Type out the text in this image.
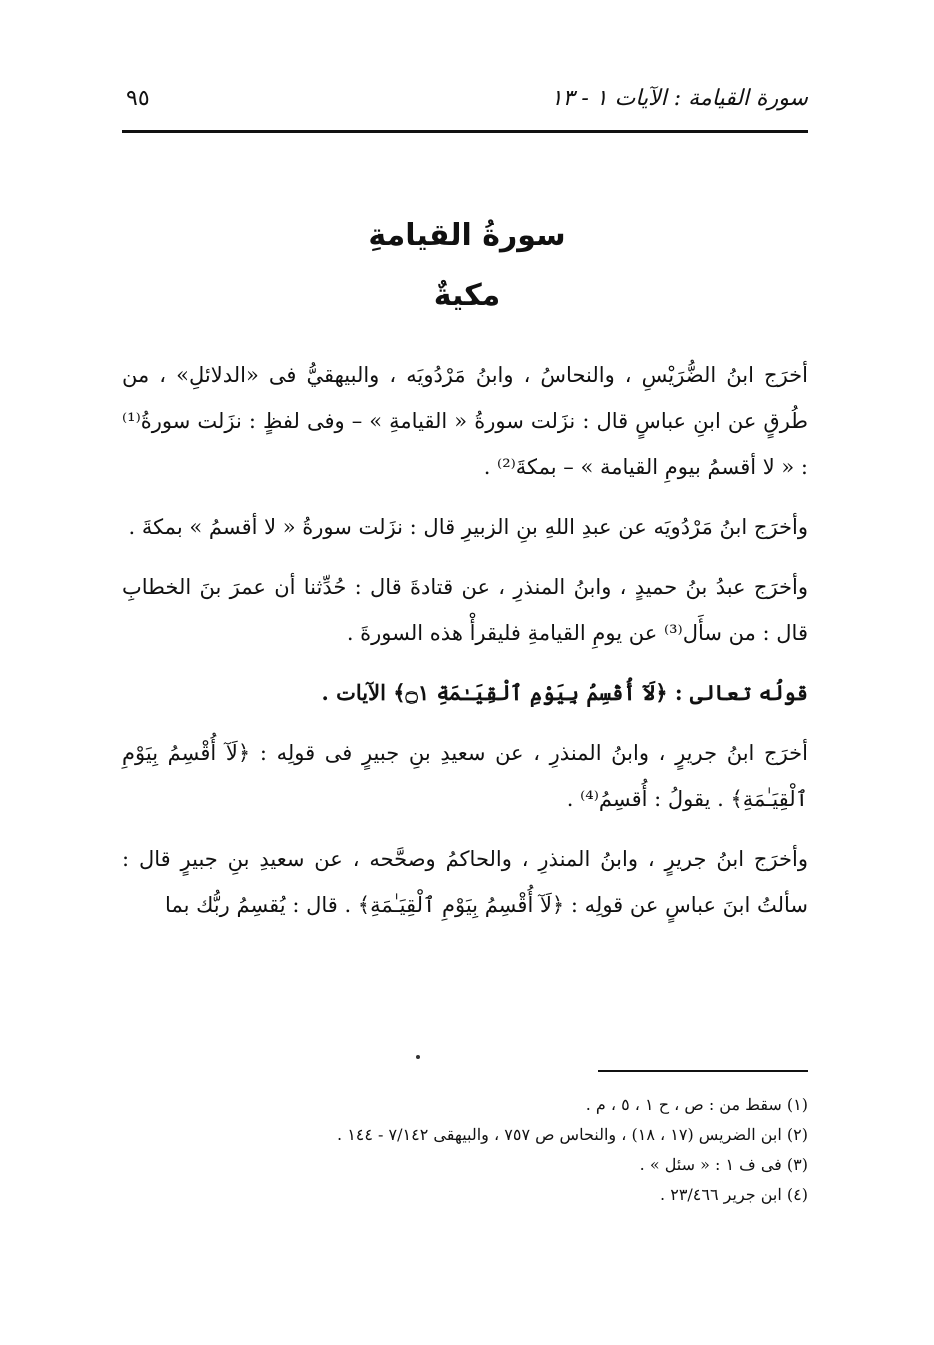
سورة القيامة : الآيات ١ - ١٣
٩٥
سورةُ القيامةِ
مكيةٌ

أخرَج ابنُ الضُّرَيْسِ ، والنحاسُ ، وابنُ مَرْدُويَه ، والبيهقيُّ فى «الدلائلِ» ، من طُرقٍ عن ابنِ عباسٍ قال : نزَلت سورةُ « القيامةِ » – وفى لفظٍ : نزَلت سورةُ⁽¹⁾ : « لا أقسمُ بيومِ القيامة » – بمكةَ⁽²⁾ .

وأخرَج ابنُ مَرْدُويَه عن عبدِ اللهِ بنِ الزبيرِ قال : نزَلت سورةُ « لا أقسمُ » بمكةَ .

وأخرَج عبدُ بنُ حميدٍ ، وابنُ المنذرِ ، عن قتادةَ قال : حُدِّثنا أن عمرَ بنَ الخطابِ قال : من سأَل⁽³⁾ عن يومِ القيامةِ فليقرأْ هذه السورةَ .

قولُه تعالى : ﴿لَآ أُقْسِمُ بِيَوْمِ ٱلْقِيَـٰمَةِ ۝١﴾ الآيات .

أخرَج ابنُ جريرٍ ، وابنُ المنذرِ ، عن سعيدِ بنِ جبيرٍ فى قولِه : ﴿لَآ أُقْسِمُ بِيَوْمِ ٱلْقِيَـٰمَةِ﴾ . يقولُ : أُقسِمُ⁽⁴⁾ .

وأخرَج ابنُ جريرٍ ، وابنُ المنذرِ ، والحاكمُ وصحَّحه ، عن سعيدِ بنِ جبيرٍ قال : سألتُ ابنَ عباسٍ عن قولِه : ﴿لَآ أُقْسِمُ بِيَوْمِ ٱلْقِيَـٰمَةِ﴾ . قال : يُقسِمُ ربُّك بما

(١) سقط من : ص ، ح ١ ، ٥ ، م .

(٢) ابن الضريس (١٧ ، ١٨) ، والنحاس ص ٧٥٧ ، والبيهقى ٧/١٤٢ - ١٤٤ .

(٣) فى ف ١ : « سئل » .

(٤) ابن جرير ٢٣/٤٦٦ .
